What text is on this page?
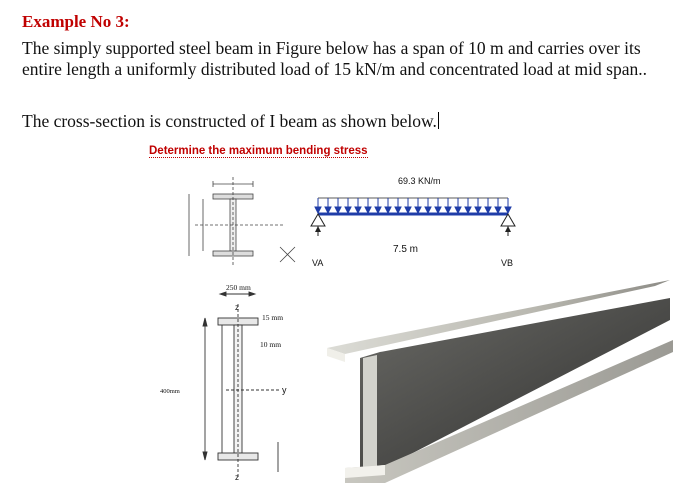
Example No 3:
The simply supported steel beam in Figure below has a span of 10 m and carries over its entire length a uniformly distributed load of 15 kN/m and concentrated load at mid span..
The cross-section is constructed of I beam as shown below.
Determine the maximum bending stress
69.3 KN/m
7.5 m
VA	VB
250 mm
15 mm
10 mm
400mm
z
y
z
